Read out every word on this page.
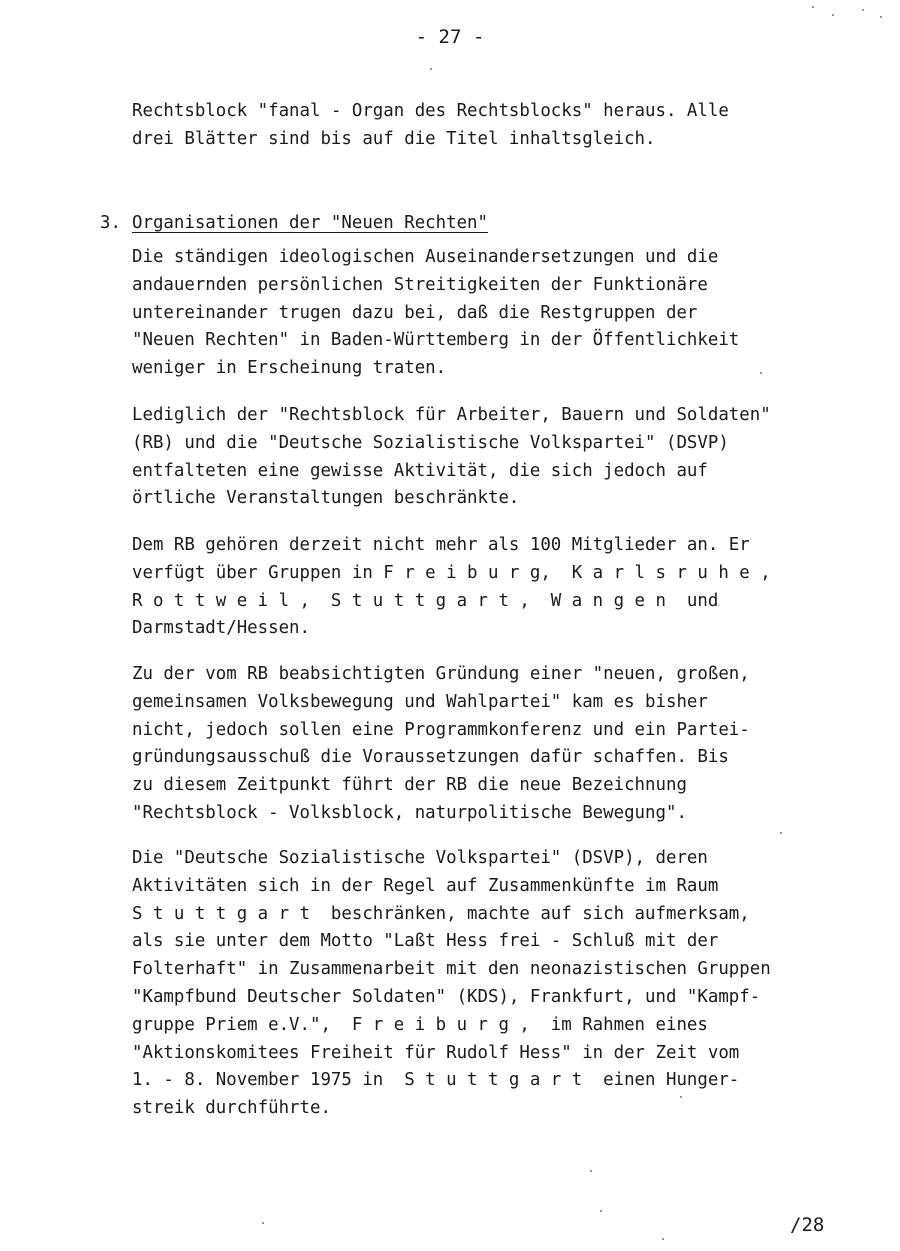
- 27 -
Rechtsblock "fanal - Organ des Rechtsblocks" heraus. Alle
drei Blätter sind bis auf die Titel inhaltsgleich.
3. Organisationen der "Neuen Rechten"
Die ständigen ideologischen Auseinandersetzungen und die
andauernden persönlichen Streitigkeiten der Funktionäre
untereinander trugen dazu bei, daß die Restgruppen der
"Neuen Rechten" in Baden-Württemberg in der Öffentlichkeit
weniger in Erscheinung traten.
Lediglich der "Rechtsblock für Arbeiter, Bauern und Soldaten"
(RB) und die "Deutsche Sozialistische Volkspartei" (DSVP)
entfalteten eine gewisse Aktivität, die sich jedoch auf
örtliche Veranstaltungen beschränkte.
Dem RB gehören derzeit nicht mehr als 100 Mitglieder an. Er
verfügt über Gruppen in F r e i b u r g,  K a r l s r u h e ,
R o t t w e i l ,  S t u t t g a r t ,  W a n g e n  und
Darmstadt/Hessen.
Zu der vom RB beabsichtigten Gründung einer "neuen, großen,
gemeinsamen Volksbewegung und Wahlpartei" kam es bisher
nicht, jedoch sollen eine Programmkonferenz und ein Partei-
gründungsausschuß die Voraussetzungen dafür schaffen. Bis
zu diesem Zeitpunkt führt der RB die neue Bezeichnung
"Rechtsblock - Volksblock, naturpolitische Bewegung".
Die "Deutsche Sozialistische Volkspartei" (DSVP), deren
Aktivitäten sich in der Regel auf Zusammenkünfte im Raum
S t u t t g a r t  beschränken, machte auf sich aufmerksam,
als sie unter dem Motto "Laßt Hess frei - Schluß mit der
Folterhaft" in Zusammenarbeit mit den neonazistischen Gruppen
"Kampfbund Deutscher Soldaten" (KDS), Frankfurt, und "Kampf-
gruppe Priem e.V.",  F r e i b u r g ,  im Rahmen eines
"Aktionskomitees Freiheit für Rudolf Hess" in der Zeit vom
1. - 8. November 1975 in  S t u t t g a r t  einen Hunger-
streik durchführte.
/28
